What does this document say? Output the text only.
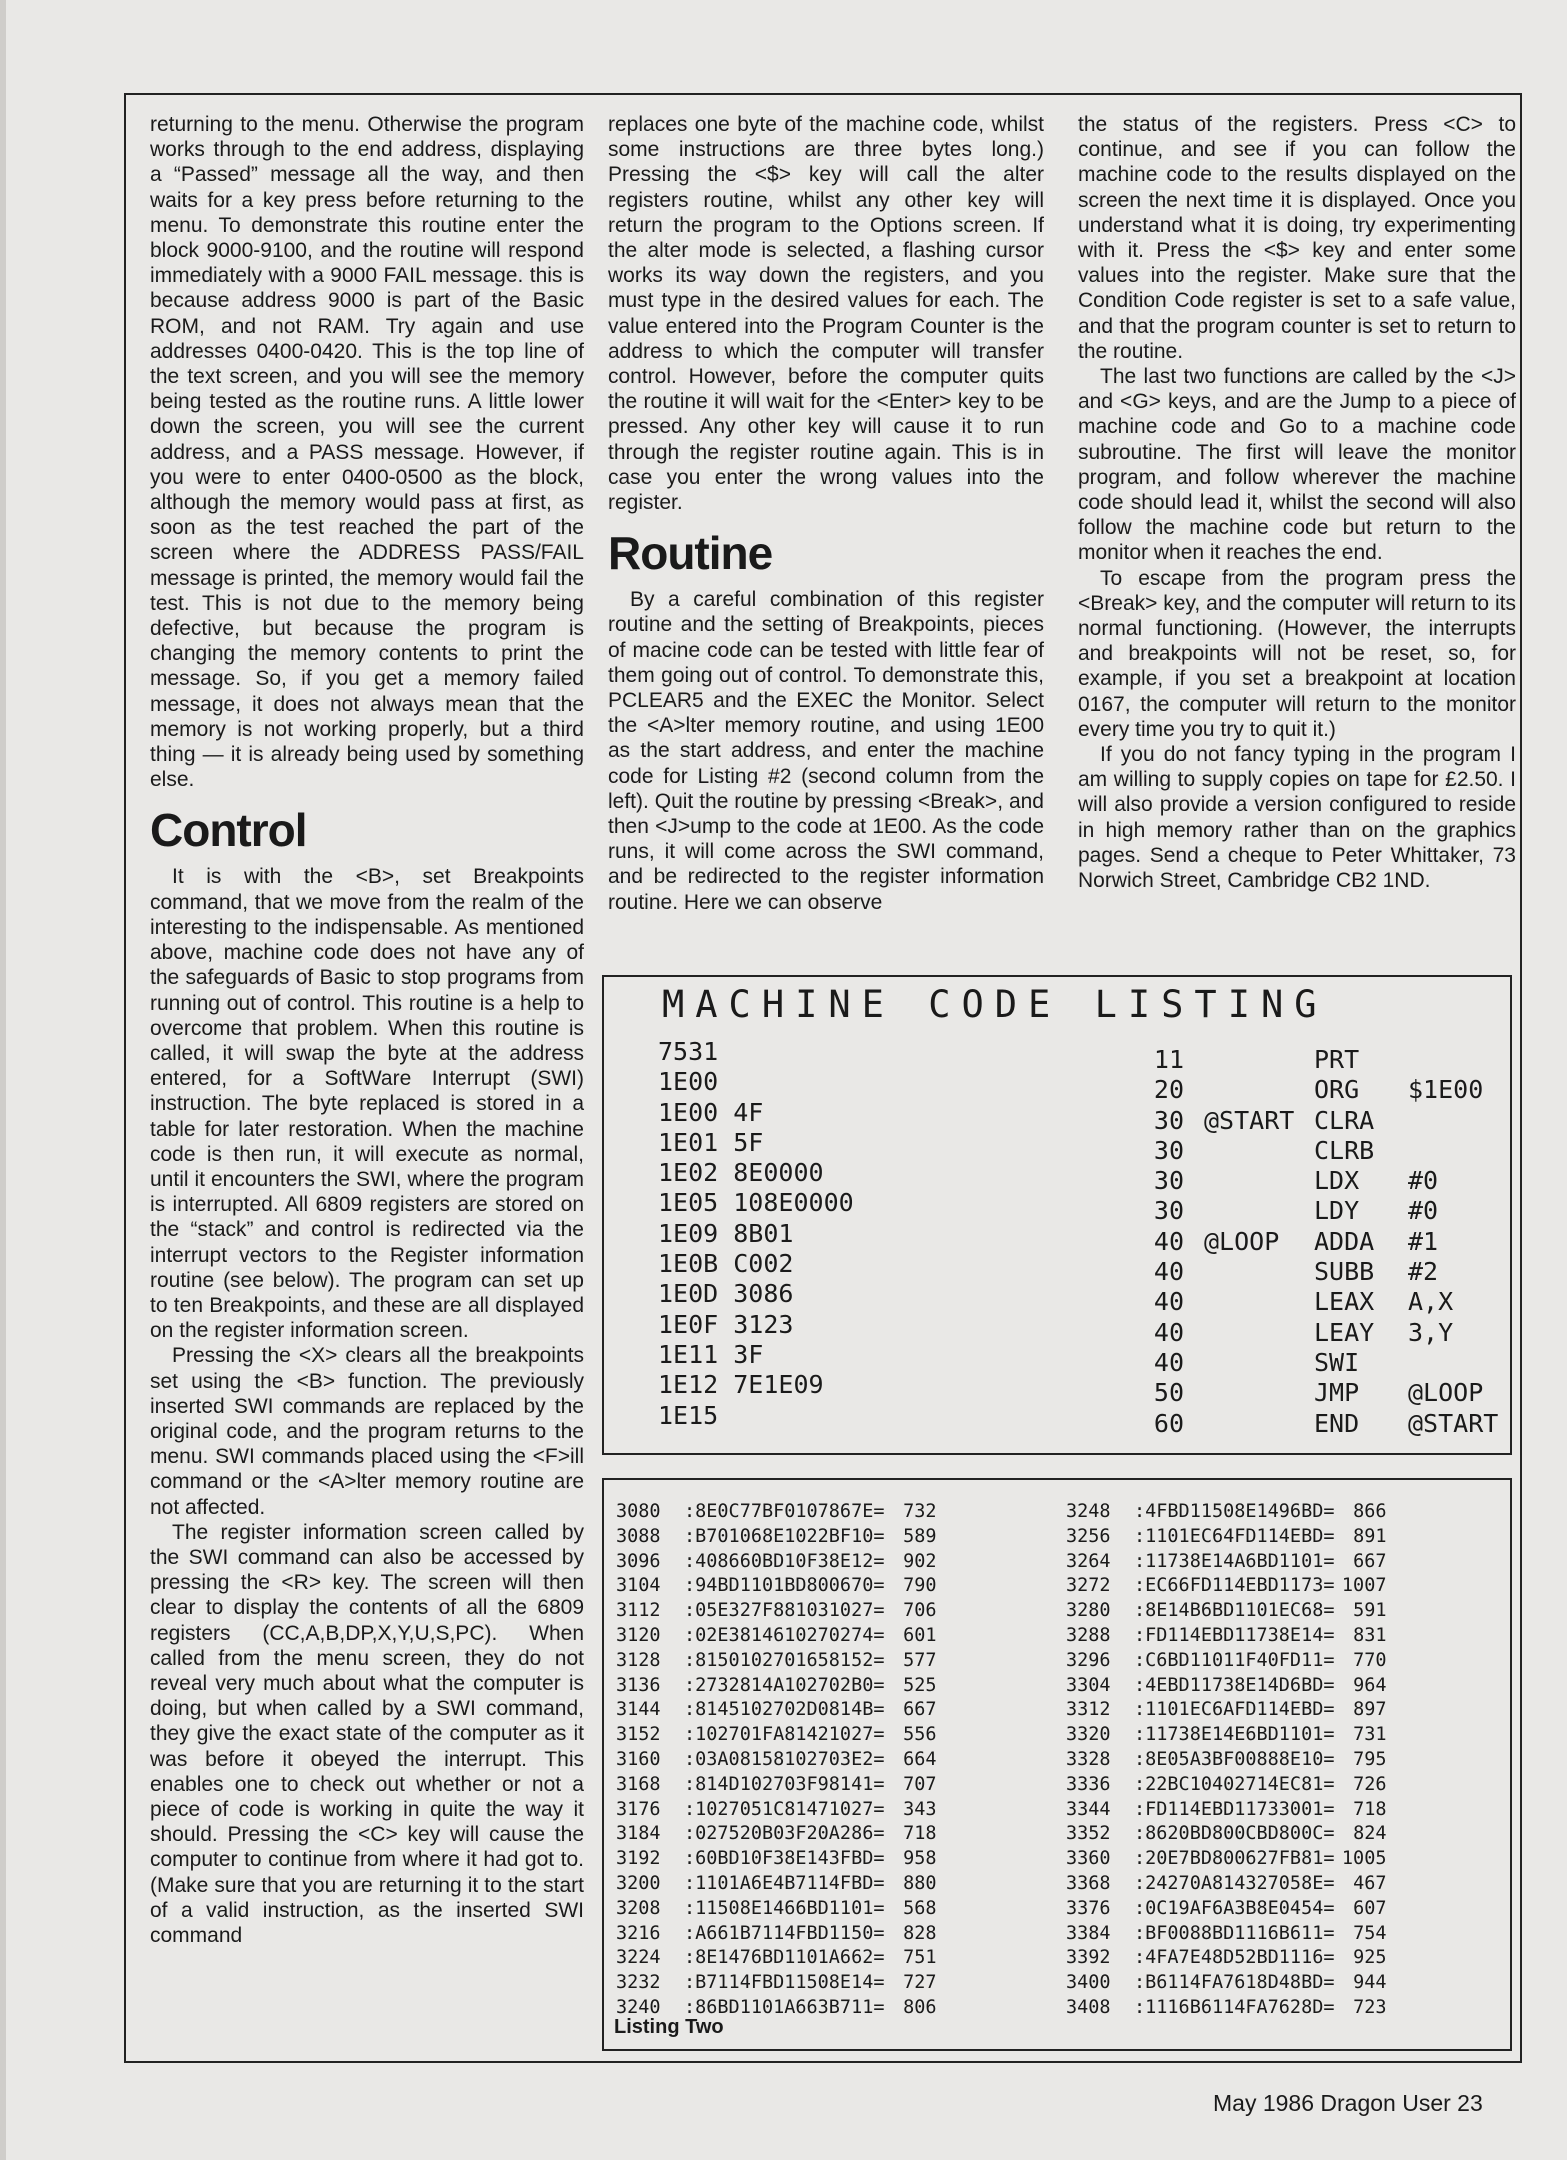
returning to the menu. Otherwise the program works through to the end address, displaying a “Passed” message all the way, and then waits for a key press before returning to the menu. To demonstrate this routine enter the block 9000-9100, and the routine will respond immediately with a 9000 FAIL message. this is because address 9000 is part of the Basic ROM, and not RAM. Try again and use addresses 0400-0420. This is the top line of the text screen, and you will see the memory being tested as the routine runs. A little lower down the screen, you will see the current address, and a PASS message. However, if you were to enter 0400-0500 as the block, although the memory would pass at first, as soon as the test reached the part of the screen where the ADDRESS PASS/FAIL message is printed, the memory would fail the test. This is not due to the memory being defective, but because the program is changing the memory contents to print the message. So, if you get a memory failed message, it does not always mean that the memory is not working properly, but a third thing — it is already being used by something else.

Control

It is with the <B>, set Breakpoints command, that we move from the realm of the interesting to the indispensable. As mentioned above, machine code does not have any of the safeguards of Basic to stop programs from running out of control. This routine is a help to overcome that problem. When this routine is called, it will swap the byte at the address entered, for a SoftWare Interrupt (SWI) instruction. The byte replaced is stored in a table for later restoration. When the machine code is then run, it will execute as normal, until it encounters the SWI, where the program is interrupted. All 6809 registers are stored on the “stack” and control is redirected via the interrupt vectors to the Register information routine (see below). The program can set up to ten Breakpoints, and these are all displayed on the register information screen.

Pressing the <X> clears all the breakpoints set using the <B> function. The previously inserted SWI commands are replaced by the original code, and the program returns to the menu. SWI commands placed using the <F>ill command or the <A>lter memory routine are not affected.

The register information screen called by the SWI command can also be accessed by pressing the <R> key. The screen will then clear to display the contents of all the 6809 registers (CC,A,B,DP,X,Y,U,S,PC). When called from the menu screen, they do not reveal very much about what the computer is doing, but when called by a SWI command, they give the exact state of the computer as it was before it obeyed the interrupt. This enables one to check out whether or not a piece of code is working in quite the way it should. Pressing the <C> key will cause the computer to continue from where it had got to. (Make sure that you are returning it to the start of a valid instruction, as the inserted SWI command

replaces one byte of the machine code, whilst some instructions are three bytes long.) Pressing the <$> key will call the alter registers routine, whilst any other key will return the program to the Options screen. If the alter mode is selected, a flashing cursor works its way down the registers, and you must type in the desired values for each. The value entered into the Program Counter is the address to which the computer will transfer control. However, before the computer quits the routine it will wait for the <Enter> key to be pressed. Any other key will cause it to run through the register routine again. This is in case you enter the wrong values into the register.

Routine

By a careful combination of this register routine and the setting of Breakpoints, pieces of macine code can be tested with little fear of them going out of control. To demonstrate this, PCLEAR5 and the EXEC the Monitor. Select the <A>lter memory routine, and using 1E00 as the start address, and enter the machine code for Listing #2 (second column from the left). Quit the routine by pressing <Break>, and then <J>ump to the code at 1E00. As the code runs, it will come across the SWI command, and be redirected to the register information routine. Here we can observe

the status of the registers. Press <C> to continue, and see if you can follow the machine code to the results displayed on the screen the next time it is displayed. Once you understand what it is doing, try experimenting with it. Press the <$> key and enter some values into the register. Make sure that the Condition Code register is set to a safe value, and that the program counter is set to return to the routine.

The last two functions are called by the <J> and <G> keys, and are the Jump to a piece of machine code and Go to a machine code subroutine. The first will leave the monitor program, and follow wherever the machine code should lead it, whilst the second will also follow the machine code but return to the monitor when it reaches the end.

To escape from the program press the <Break> key, and the computer will return to its normal functioning. (However, the interrupts and breakpoints will not be reset, so, for example, if you set a breakpoint at location 0167, the computer will return to the monitor every time you try to quit it.)

If you do not fancy typing in the program I am willing to supply copies on tape for £2.50. I will also provide a version configured to reside in high memory rather than on the graphics pages. Send a cheque to Peter Whittaker, 73 Norwich Street, Cambridge CB2 1ND.

MACHINE CODE LISTING
7531
1E00
1E00 4F
1E01 5F
1E02 8E0000
1E05 108E0000
1E09 8B01
1E0B C002
1E0D 3086
1E0F 3123
1E11 3F
1E12 7E1E09
1E15
11	PRT
20	ORG	$1E00
30 @START CLRA
30	CLRB
30	LDX	#0
30	LDY	#0
40 @LOOP	ADDA	#1
40	SUBB	#2
40	LEAX	A,X
40	LEAY	3,Y
40	SWI
50	JMP	@LOOP
60	END	@START
3080 :8E0C77BF0107867E= 732
3088 :B701068E1022BF10= 589
3096 :408660BD10F38E12= 902
3104 :94BD1101BD800670= 790
3112 :05E327F881031027= 706
3120 :02E3814610270274= 601
3128 :8150102701658152= 577
3136 :2732814A102702B0= 525
3144 :8145102702D0814B= 667
3152 :102701FA81421027= 556
3160 :03A08158102703E2= 664
3168 :814D102703F98141= 707
3176 :1027051C81471027= 343
3184 :027520B03F20A286= 718
3192 :60BD10F38E143FBD= 958
3200 :1101A6E4B7114FBD= 880
3208 :11508E1466BD1101= 568
3216 :A661B7114FBD1150= 828
3224 :8E1476BD1101A662= 751
3232 :B7114FBD11508E14= 727
3240 :86BD1101A663B711= 806
3248 :4FBD11508E1496BD= 866
3256 :1101EC64FD114EBD= 891
3264 :11738E14A6BD1101= 667
3272 :EC66FD114EBD1173= 1007
3280 :8E14B6BD1101EC68= 591
3288 :FD114EBD11738E14= 831
3296 :C6BD11011F40FD11= 770
3304 :4EBD11738E14D6BD= 964
3312 :1101EC6AFD114EBD= 897
3320 :11738E14E6BD1101= 731
3328 :8E05A3BF00888E10= 795
3336 :22BC10402714EC81= 726
3344 :FD114EBD11733001= 718
3352 :8620BD800CBD800C= 824
3360 :20E7BD800627FB81= 1005
3368 :24270A814327058E= 467
3376 :0C19AF6A3B8E0454= 607
3384 :BF0088BD1116B611= 754
3392 :4FA7E48D52BD1116= 925
3400 :B6114FA7618D48BD= 944
3408 :1116B6114FA7628D= 723
Listing Two
May 1986 Dragon User 23
